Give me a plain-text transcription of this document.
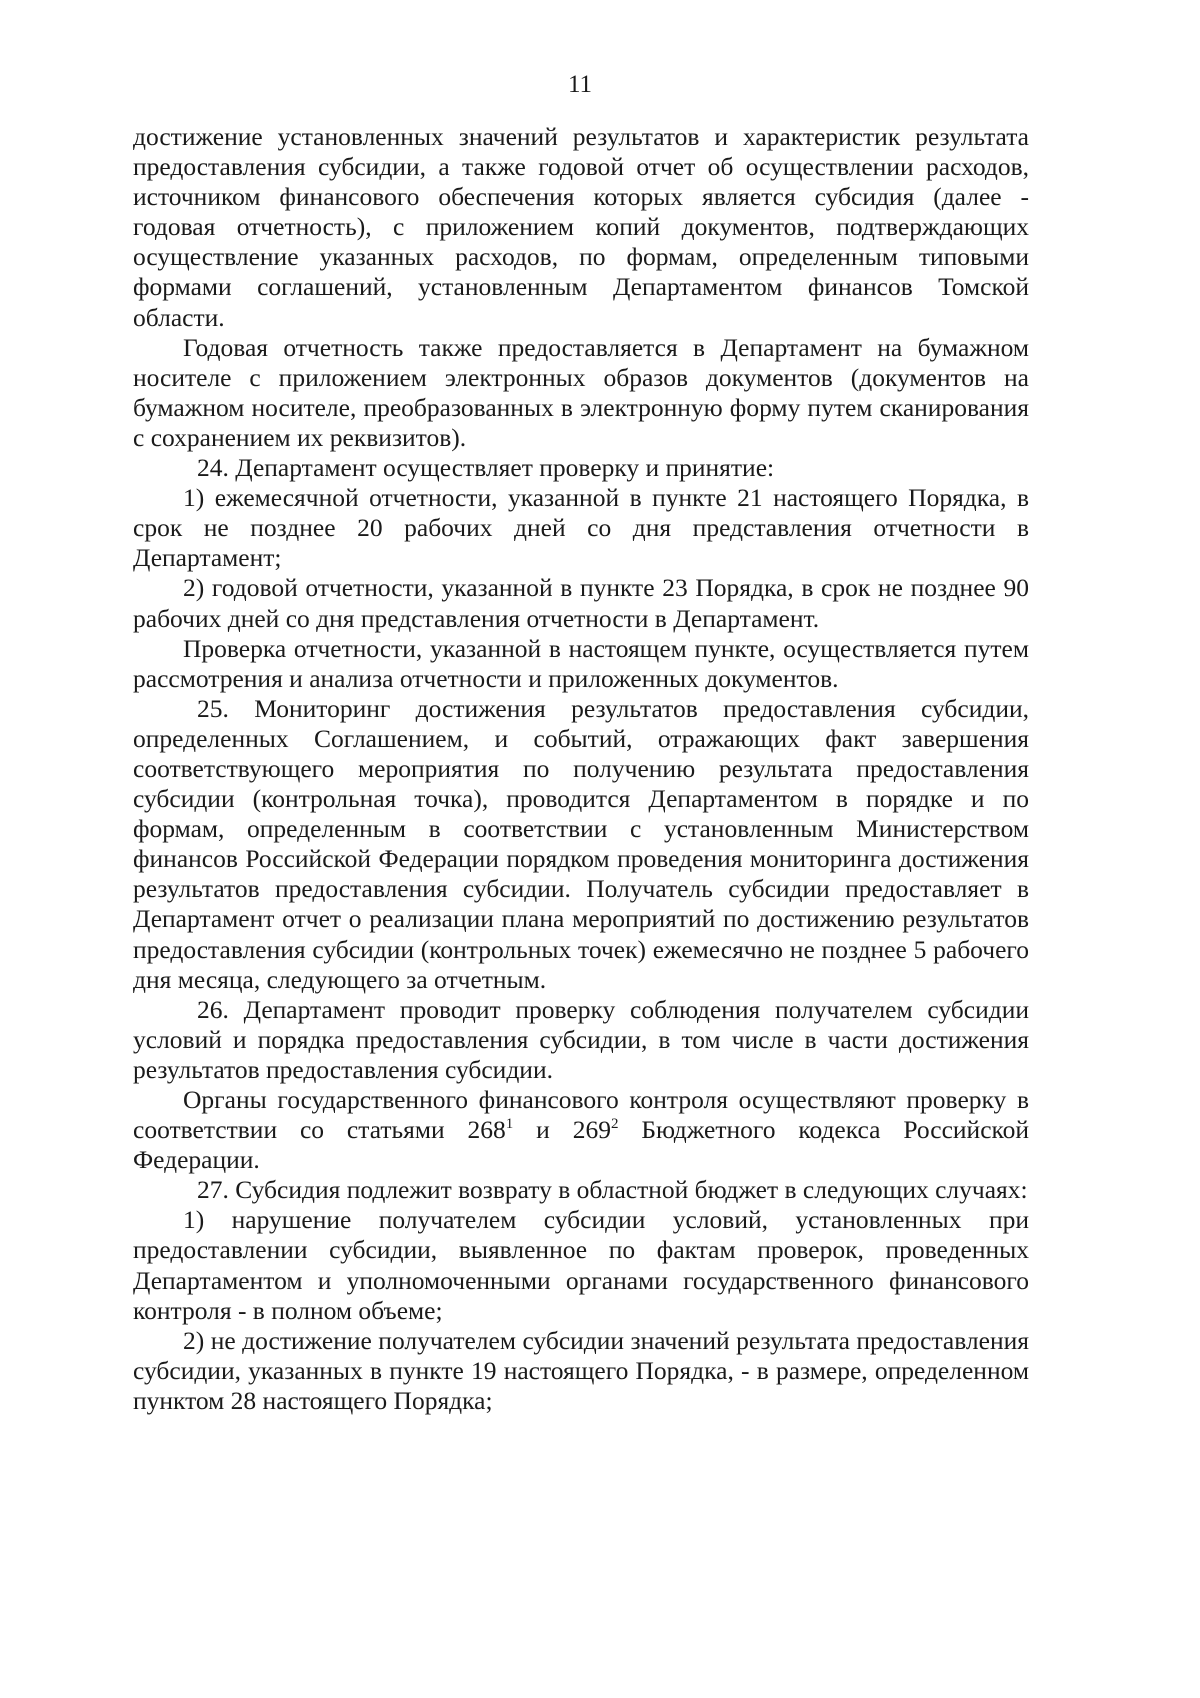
11

достижение установленных значений результатов и характеристик результата предоставления субсидии, а также годовой отчет об осуществлении расходов, источником финансового обеспечения которых является субсидия (далее - годовая отчетность), с приложением копий документов, подтверждающих осуществление указанных расходов, по формам, определенным типовыми формами соглашений, установленным Департаментом финансов Томской области.

Годовая отчетность также предоставляется в Департамент на бумажном носителе с приложением электронных образов документов (документов на бумажном носителе, преобразованных в электронную форму путем сканирования с сохранением их реквизитов).

24. Департамент осуществляет проверку и принятие:

1) ежемесячной отчетности, указанной в пункте 21 настоящего Порядка, в срок не позднее 20 рабочих дней со дня представления отчетности в Департамент;

2) годовой отчетности, указанной в пункте 23 Порядка, в срок не позднее 90 рабочих дней со дня представления отчетности в Департамент.

Проверка отчетности, указанной в настоящем пункте, осуществляется путем рассмотрения и анализа отчетности и приложенных документов.

25. Мониторинг достижения результатов предоставления субсидии, определенных Соглашением, и событий, отражающих факт завершения соответствующего мероприятия по получению результата предоставления субсидии (контрольная точка), проводится Департаментом в порядке и по формам, определенным в соответствии с установленным Министерством финансов Российской Федерации порядком проведения мониторинга достижения результатов предоставления субсидии. Получатель субсидии предоставляет в Департамент отчет о реализации плана мероприятий по достижению результатов предоставления субсидии (контрольных точек) ежемесячно не позднее 5 рабочего дня месяца, следующего за отчетным.

26. Департамент проводит проверку соблюдения получателем субсидии условий и порядка предоставления субсидии, в том числе в части достижения результатов предоставления субсидии.

Органы государственного финансового контроля осуществляют проверку в соответствии со статьями $268^1$ и $269^2$ Бюджетного кодекса Российской Федерации.

27. Субсидия подлежит возврату в областной бюджет в следующих случаях:

1) нарушение получателем субсидии условий, установленных при предоставлении субсидии, выявленное по фактам проверок, проведенных Департаментом и уполномоченными органами государственного финансового контроля - в полном объеме;

2) не достижение получателем субсидии значений результата предоставления субсидии, указанных в пункте 19 настоящего Порядка, - в размере, определенном пунктом 28 настоящего Порядка;
